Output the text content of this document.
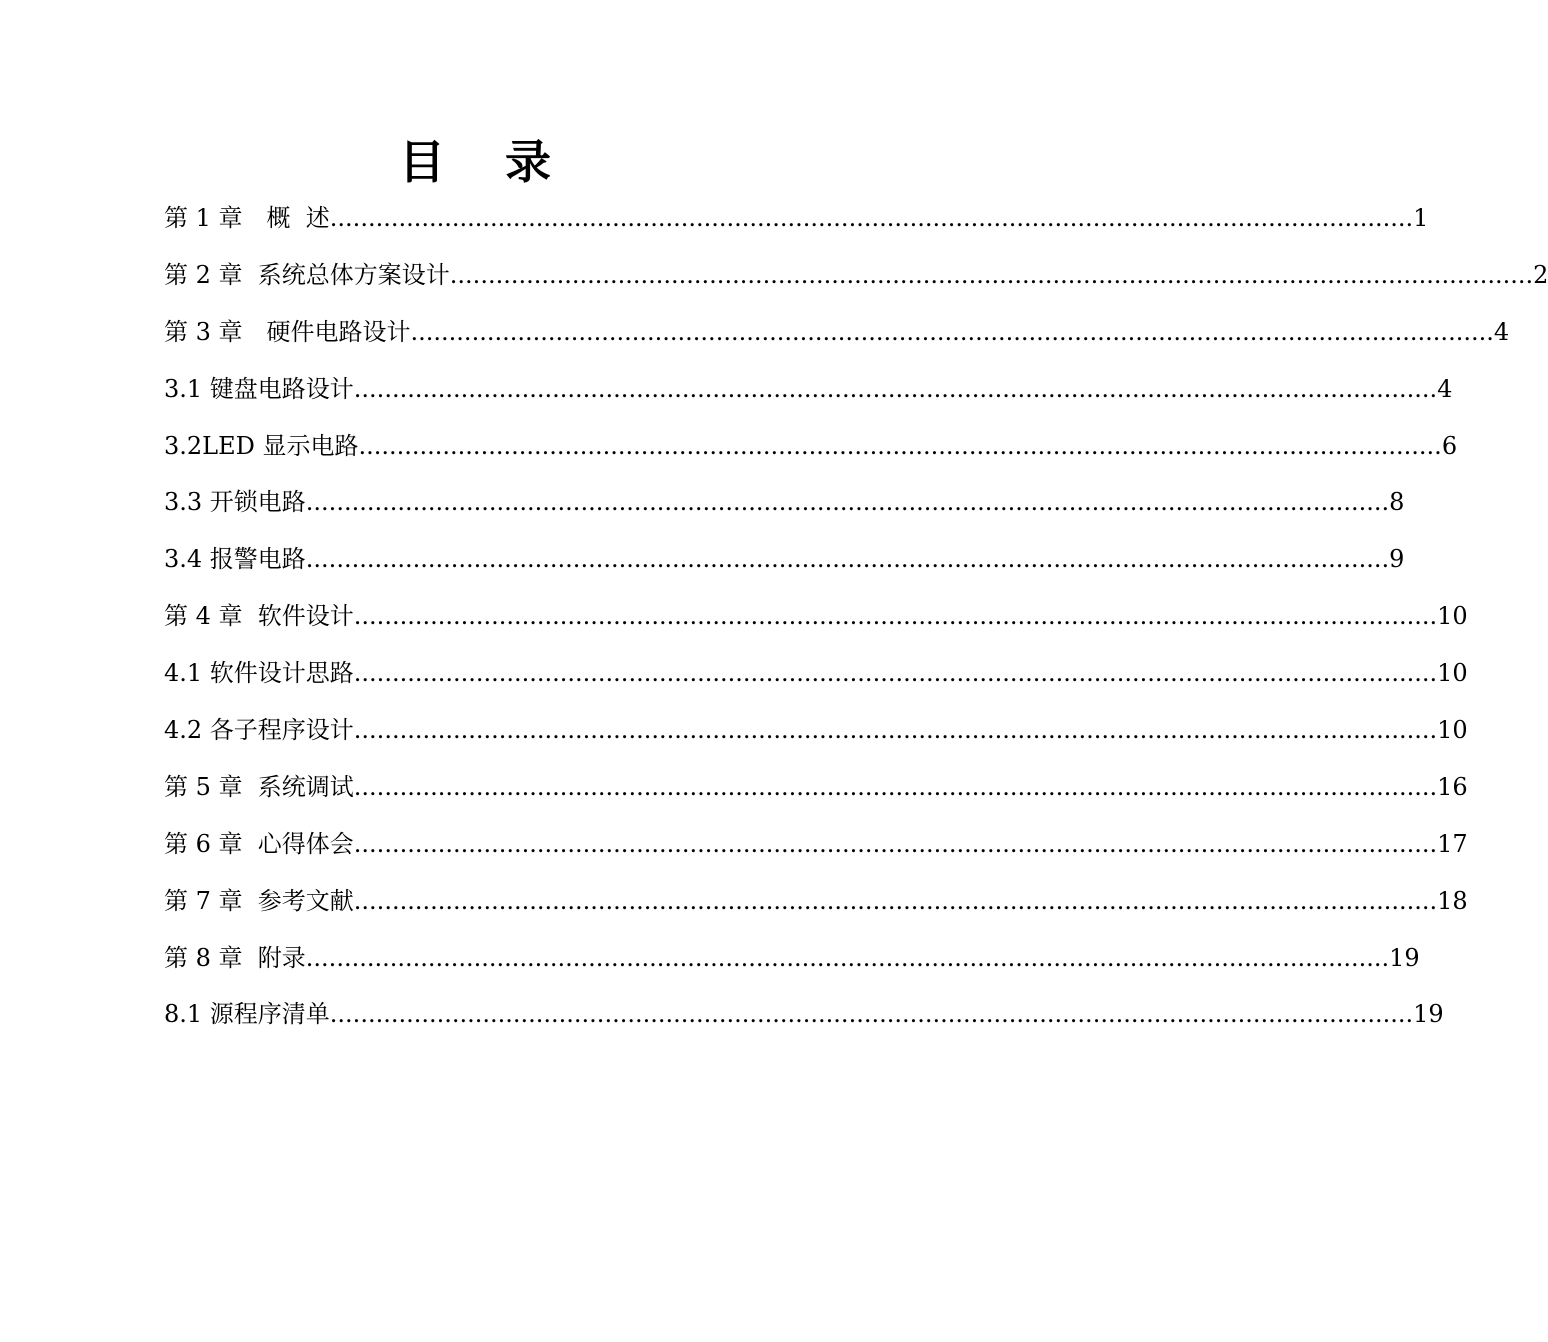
目 录
第 1 章　概  述 .............................................................................................................................................. 1
第 2 章  系统总体方案设计 .............................................................................................................................................. 2
第 3 章　硬件电路设计 .............................................................................................................................................. 4
3.1 键盘电路设计 .............................................................................................................................................. 4
3.2LED 显示电路 .............................................................................................................................................. 6
3.3 开锁电路 .............................................................................................................................................. 8
3.4 报警电路 .............................................................................................................................................. 9
第 4 章  软件设计 .............................................................................................................................................. 10
4.1 软件设计思路 .............................................................................................................................................. 10
4.2 各子程序设计 .............................................................................................................................................. 10
第 5 章  系统调试 .............................................................................................................................................. 16
第 6 章  心得体会 .............................................................................................................................................. 17
第 7 章  参考文献 .............................................................................................................................................. 18
第 8 章  附录 .............................................................................................................................................. 19
8.1 源程序清单 .............................................................................................................................................. 19
